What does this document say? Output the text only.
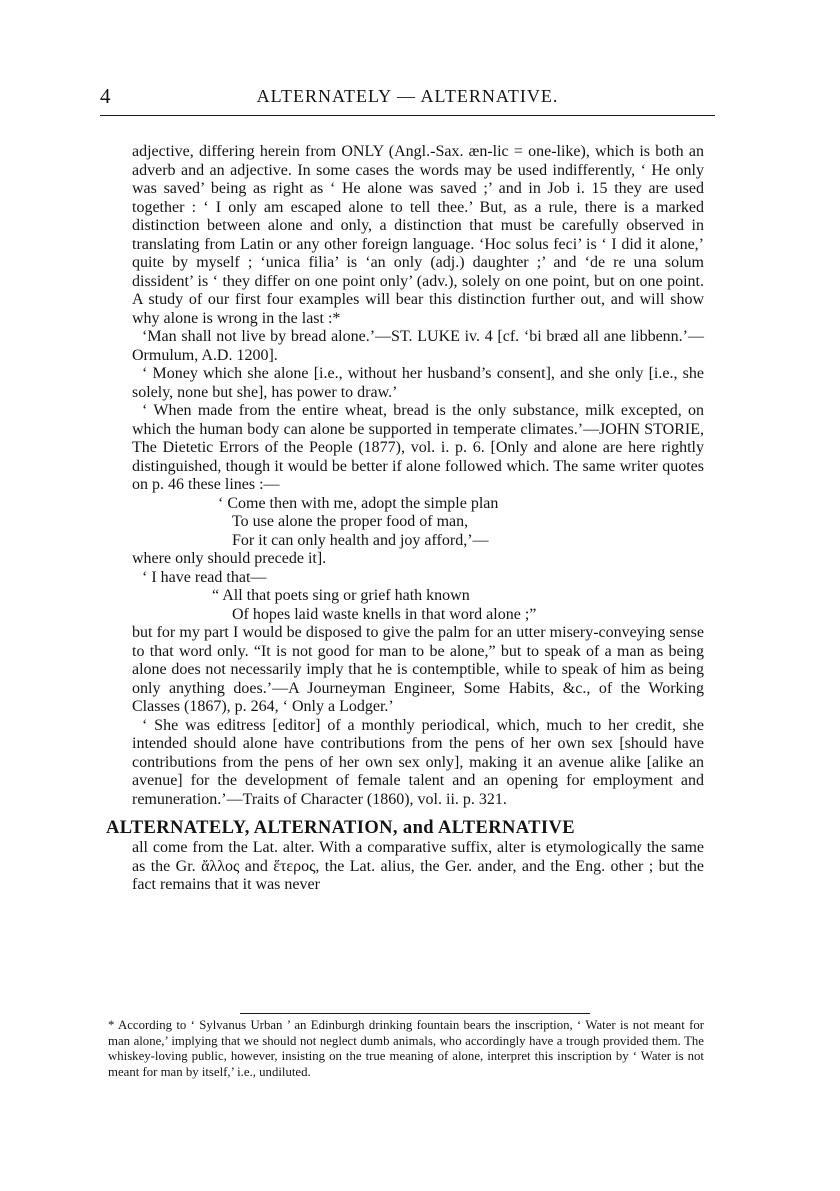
4	ALTERNATELY — ALTERNATIVE.

adjective, differing herein from ONLY (Angl.-Sax. æn-lic = one-like), which is both an adverb and an adjective. In some cases the words may be used indifferently, ‘ He only was saved’ being as right as ‘ He alone was saved ;’ and in Job i. 15 they are used together : ‘ I only am escaped alone to tell thee.’ But, as a rule, there is a marked distinction between alone and only, a distinction that must be carefully observed in translating from Latin or any other foreign language. ‘Hoc solus feci’ is ‘ I did it alone,’ quite by myself ; ‘unica filia’ is ‘an only (adj.) daughter ;’ and ‘de re una solum dissident’ is ‘ they differ on one point only’ (adv.), solely on one point, but on one point. A study of our first four examples will bear this distinction further out, and will show why alone is wrong in the last :*

‘Man shall not live by bread alone.’—ST. LUKE iv. 4 [cf. ‘bi bræd all ane libbenn.’—Ormulum, A.D. 1200].

‘ Money which she alone [i.e., without her husband’s consent], and she only [i.e., she solely, none but she], has power to draw.’

‘ When made from the entire wheat, bread is the only substance, milk excepted, on which the human body can alone be supported in temperate climates.’—JOHN STORIE, The Dietetic Errors of the People (1877), vol. i. p. 6. [Only and alone are here rightly distinguished, though it would be better if alone followed which. The same writer quotes on p. 46 these lines :—

‘ Come then with me, adopt the simple plan
To use alone the proper food of man,
For it can only health and joy afford,’—

where only should precede it].

‘ I have read that—

“ All that poets sing or grief hath known
Of hopes laid waste knells in that word alone ;”

but for my part I would be disposed to give the palm for an utter misery-conveying sense to that word only. “It is not good for man to be alone,” but to speak of a man as being alone does not necessarily imply that he is contemptible, while to speak of him as being only anything does.’—A Journeyman Engineer, Some Habits, &c., of the Working Classes (1867), p. 264, ‘ Only a Lodger.’

‘ She was editress [editor] of a monthly periodical, which, much to her credit, she intended should alone have contributions from the pens of her own sex [should have contributions from the pens of her own sex only], making it an avenue alike [alike an avenue] for the development of female talent and an opening for employment and remuneration.’—Traits of Character (1860), vol. ii. p. 321.

ALTERNATELY, ALTERNATION, and ALTERNATIVE
all come from the Lat. alter. With a comparative suffix, alter is etymologically the same as the Gr. ἄλλος and ἕτερος, the Lat. alius, the Ger. ander, and the Eng. other ; but the fact remains that it was never
* According to ‘ Sylvanus Urban ’ an Edinburgh drinking fountain bears the inscription, ‘ Water is not meant for man alone,’ implying that we should not neglect dumb animals, who accordingly have a trough provided them. The whiskey-loving public, however, insisting on the true meaning of alone, interpret this inscription by ‘ Water is not meant for man by itself,’ i.e., undiluted.
